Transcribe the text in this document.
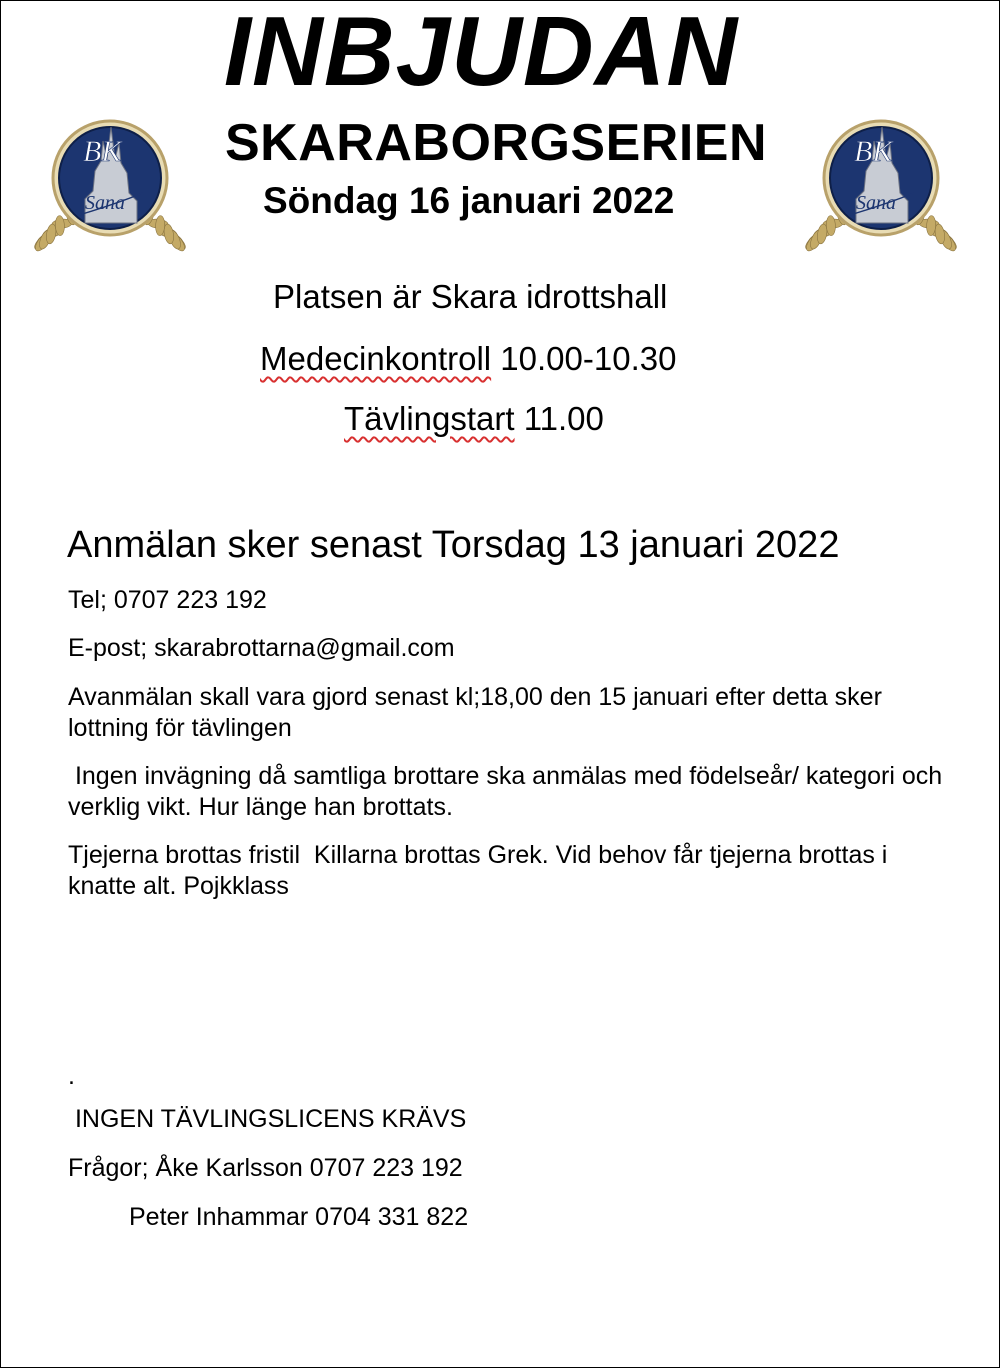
INBJUDAN
BK
Sana
BK
Sana
SKARABORGSERIEN
Söndag 16 januari 2022
Platsen är Skara idrottshall
Medecinkontroll 10.00-10.30
Tävlingstart 11.00
Anmälan sker senast Torsdag 13 januari 2022
Tel; 0707 223 192
E-post; skarabrottarna@gmail.com
Avanmälan skall vara gjord senast kl;18,00 den 15 januari efter detta sker lottning för tävlingen
Ingen invägning då samtliga brottare ska anmälas med födelseår/ kategori och verklig vikt. Hur länge han brottats.
Tjejerna brottas fristil  Killarna brottas Grek. Vid behov får tjejerna brottas i knatte alt. Pojkklass
.
INGEN TÄVLINGSLICENS KRÄVS
Frågor; Åke Karlsson 0707 223 192
Peter Inhammar 0704 331 822
